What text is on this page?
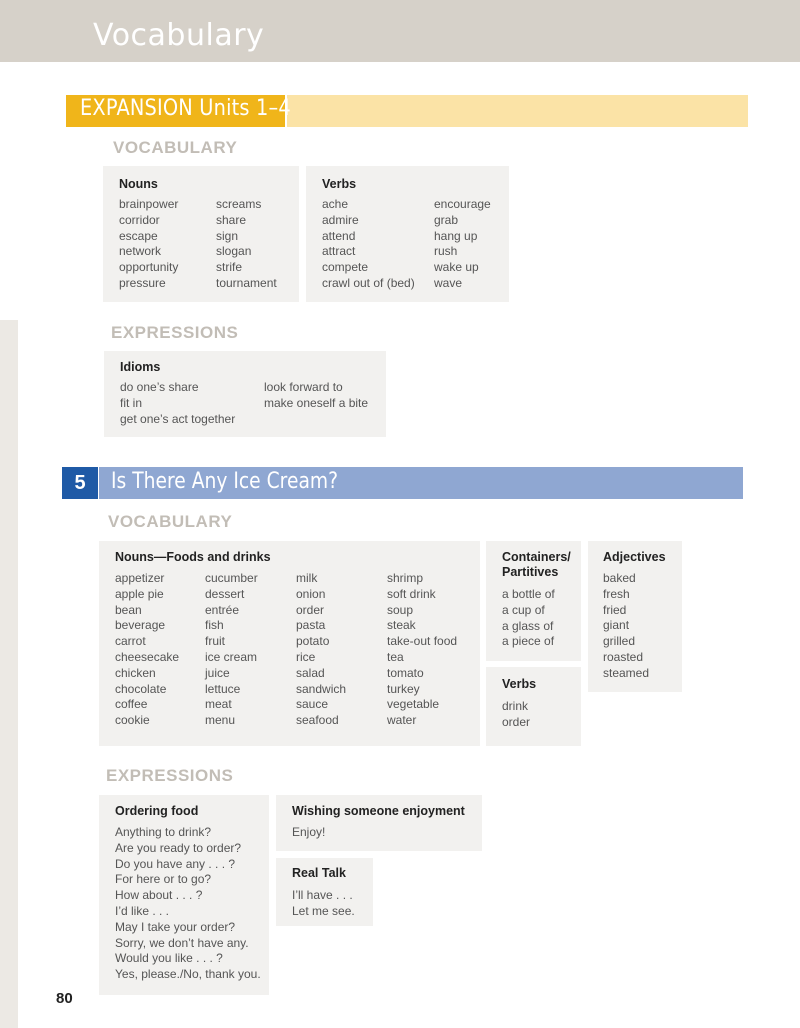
Vocabulary
EXPANSION Units 1–4
VOCABULARY
Nouns
brainpower
corridor
escape
network
opportunity
pressure
screams
share
sign
slogan
strife
tournament
Verbs
ache
admire
attend
attract
compete
crawl out of (bed)
encourage
grab
hang up
rush
wake up
wave
EXPRESSIONS
Idioms
do one’s share
fit in
get one’s act together
look forward to
make oneself a bite
5	Is There Any Ice Cream?
VOCABULARY
Nouns—Foods and drinks
appetizer
apple pie
bean
beverage
carrot
cheesecake
chicken
chocolate
coffee
cookie
cucumber
dessert
entrée
fish
fruit
ice cream
juice
lettuce
meat
menu
milk
onion
order
pasta
potato
rice
salad
sandwich
sauce
seafood
shrimp
soft drink
soup
steak
take-out food
tea
tomato
turkey
vegetable
water
Containers/
Partitives
a bottle of
a cup of
a glass of
a piece of
Verbs
drink
order
Adjectives
baked
fresh
fried
giant
grilled
roasted
steamed
EXPRESSIONS
Ordering food
Anything to drink?
Are you ready to order?
Do you have any . . . ?
For here or to go?
How about . . . ?
I’d like . . .
May I take your order?
Sorry, we don’t have any.
Would you like . . . ?
Yes, please./No, thank you.
Wishing someone enjoyment
Enjoy!
Real Talk
I’ll have . . .
Let me see.
80
